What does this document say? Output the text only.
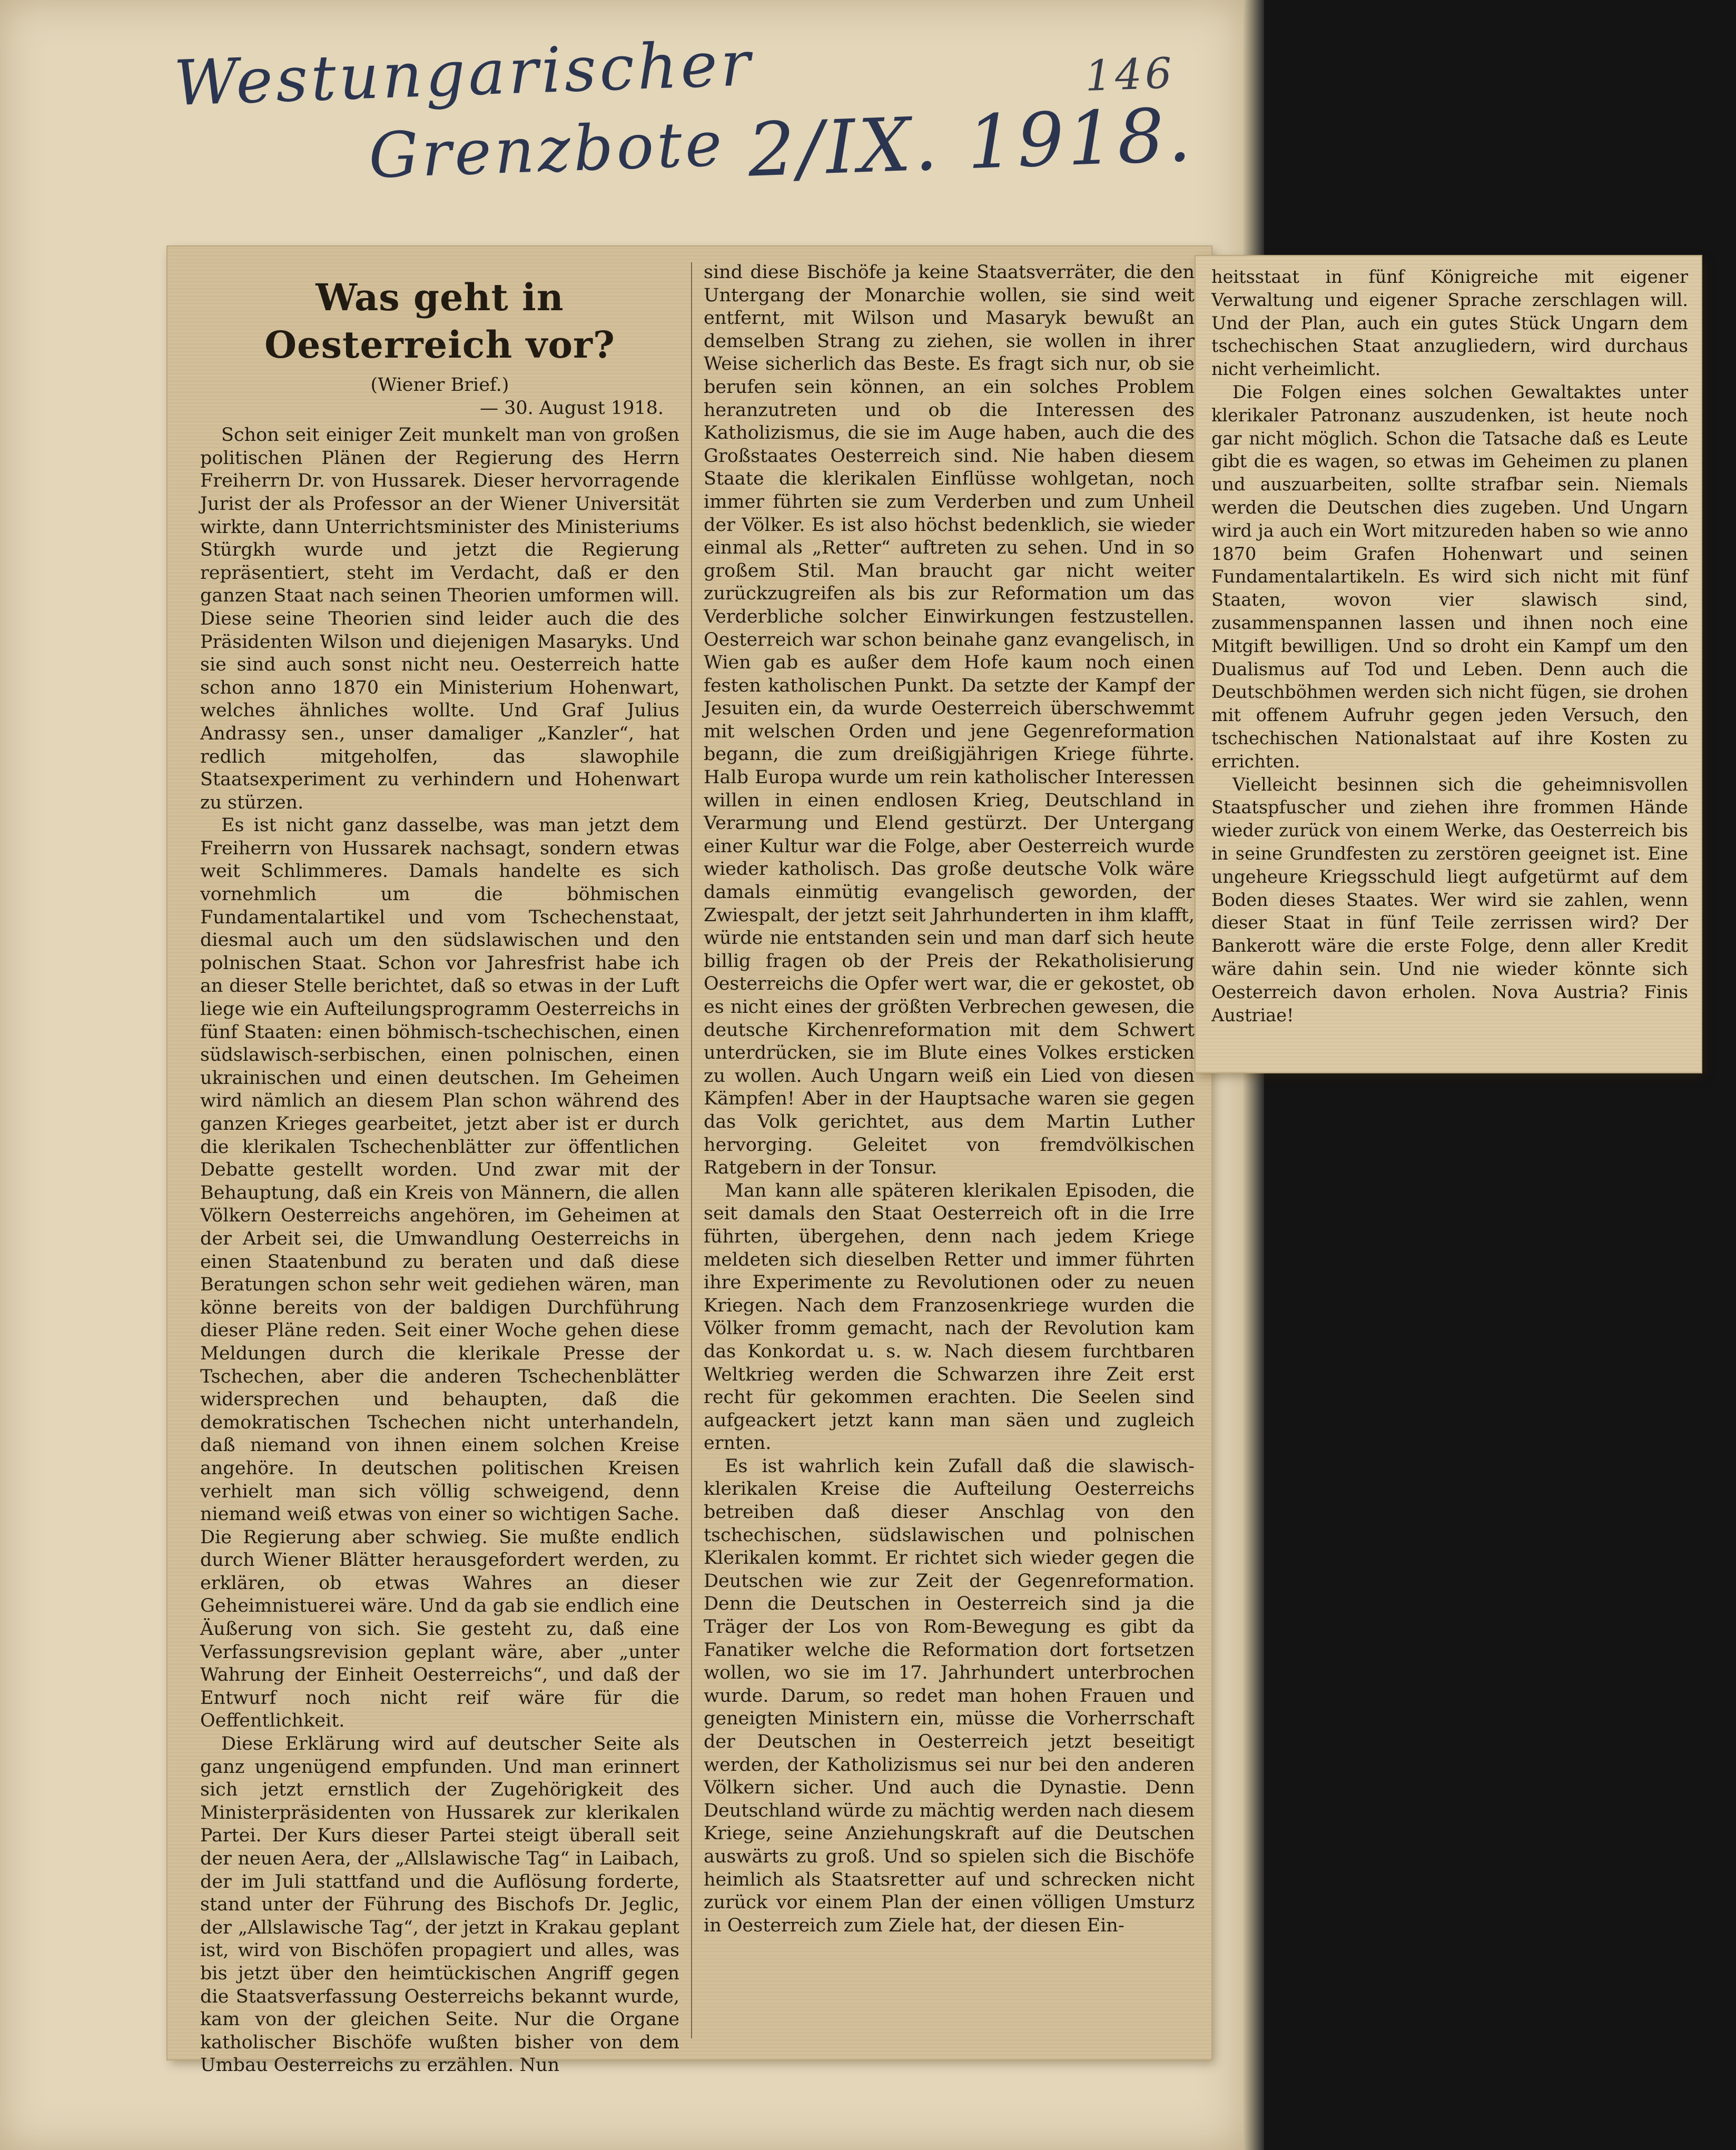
Westungarischer
Grenzbote 2/IX. 1918.
146
Was geht in Oesterreich vor?
(Wiener Brief.)
— 30. August 1918.

Schon seit einiger Zeit munkelt man von großen politischen Plänen der Regierung des Herrn Freiherrn Dr. von Hussarek. Dieser hervorragende Jurist der als Professor an der Wiener Universität wirkte, dann Unterrichtsminister des Ministeriums Stürgkh wurde und jetzt die Regierung repräsentiert, steht im Verdacht, daß er den ganzen Staat nach seinen Theorien umformen will. Diese seine Theorien sind leider auch die des Präsidenten Wilson und diejenigen Masaryks. Und sie sind auch sonst nicht neu. Oesterreich hatte schon anno 1870 ein Ministerium Hohenwart, welches ähnliches wollte. Und Graf Julius Andrassy sen., unser damaliger „Kanzler“, hat redlich mitgeholfen, das slawophile Staatsexperiment zu verhindern und Hohenwart zu stürzen.

Es ist nicht ganz dasselbe, was man jetzt dem Freiherrn von Hussarek nachsagt, sondern etwas weit Schlimmeres. Damals handelte es sich vornehmlich um die böhmischen Fundamentalartikel und vom Tschechenstaat, diesmal auch um den südslawischen und den polnischen Staat. Schon vor Jahresfrist habe ich an dieser Stelle berichtet, daß so etwas in der Luft liege wie ein Aufteilungsprogramm Oesterreichs in fünf Staaten: einen böhmisch-tschechischen, einen südslawisch-serbischen, einen polnischen, einen ukrainischen und einen deutschen. Im Geheimen wird nämlich an diesem Plan schon während des ganzen Krieges gearbeitet, jetzt aber ist er durch die klerikalen Tschechenblätter zur öffentlichen Debatte gestellt worden. Und zwar mit der Behauptung, daß ein Kreis von Männern, die allen Völkern Oesterreichs angehören, im Geheimen at der Arbeit sei, die Umwandlung Oesterreichs in einen Staatenbund zu beraten und daß diese Beratungen schon sehr weit gediehen wären, man könne bereits von der baldigen Durchführung dieser Pläne reden. Seit einer Woche gehen diese Meldungen durch die klerikale Presse der Tschechen, aber die anderen Tschechenblätter widersprechen und behaupten, daß die demokratischen Tschechen nicht unterhandeln, daß niemand von ihnen einem solchen Kreise angehöre. In deutschen politischen Kreisen verhielt man sich völlig schweigend, denn niemand weiß etwas von einer so wichtigen Sache. Die Regierung aber schwieg. Sie mußte endlich durch Wiener Blätter herausgefordert werden, zu erklären, ob etwas Wahres an dieser Geheimnistuerei wäre. Und da gab sie endlich eine Äußerung von sich. Sie gesteht zu, daß eine Verfassungsrevision geplant wäre, aber „unter Wahrung der Einheit Oesterreichs“, und daß der Entwurf noch nicht reif wäre für die Oeffentlichkeit.

Diese Erklärung wird auf deutscher Seite als ganz ungenügend empfunden. Und man erinnert sich jetzt ernstlich der Zugehörigkeit des Ministerpräsidenten von Hussarek zur klerikalen Partei. Der Kurs dieser Partei steigt überall seit der neuen Aera, der „Allslawische Tag“ in Laibach, der im Juli stattfand und die Auflösung forderte, stand unter der Führung des Bischofs Dr. Jeglic, der „Allslawische Tag“, der jetzt in Krakau geplant ist, wird von Bischöfen propagiert und alles, was bis jetzt über den heimtückischen Angriff gegen die Staatsverfassung Oesterreichs bekannt wurde, kam von der gleichen Seite. Nur die Organe katholischer Bischöfe wußten bisher von dem Umbau Oesterreichs zu erzählen. Nun

sind diese Bischöfe ja keine Staatsverräter, die den Untergang der Monarchie wollen, sie sind weit entfernt, mit Wilson und Masaryk bewußt an demselben Strang zu ziehen, sie wollen in ihrer Weise sicherlich das Beste. Es fragt sich nur, ob sie berufen sein können, an ein solches Problem heranzutreten und ob die Interessen des Katholizismus, die sie im Auge haben, auch die des Großstaates Oesterreich sind. Nie haben diesem Staate die klerikalen Einflüsse wohlgetan, noch immer führten sie zum Verderben und zum Unheil der Völker. Es ist also höchst bedenklich, sie wieder einmal als „Retter“ auftreten zu sehen. Und in so großem Stil. Man braucht gar nicht weiter zurückzugreifen als bis zur Reformation um das Verderbliche solcher Einwirkungen festzustellen. Oesterreich war schon beinahe ganz evangelisch, in Wien gab es außer dem Hofe kaum noch einen festen katholischen Punkt. Da setzte der Kampf der Jesuiten ein, da wurde Oesterreich überschwemmt mit welschen Orden und jene Gegenreformation begann, die zum dreißigjährigen Kriege führte. Halb Europa wurde um rein katholischer Interessen willen in einen endlosen Krieg, Deutschland in Verarmung und Elend gestürzt. Der Untergang einer Kultur war die Folge, aber Oesterreich wurde wieder katholisch. Das große deutsche Volk wäre damals einmütig evangelisch geworden, der Zwiespalt, der jetzt seit Jahrhunderten in ihm klafft, würde nie entstanden sein und man darf sich heute billig fragen ob der Preis der Rekatholisierung Oesterreichs die Opfer wert war, die er gekostet, ob es nicht eines der größten Verbrechen gewesen, die deutsche Kirchenreformation mit dem Schwert unterdrücken, sie im Blute eines Volkes ersticken zu wollen. Auch Ungarn weiß ein Lied von diesen Kämpfen! Aber in der Hauptsache waren sie gegen das Volk gerichtet, aus dem Martin Luther hervorging. Geleitet von fremdvölkischen Ratgebern in der Tonsur.

Man kann alle späteren klerikalen Episoden, die seit damals den Staat Oesterreich oft in die Irre führten, übergehen, denn nach jedem Kriege meldeten sich dieselben Retter und immer führten ihre Experimente zu Revolutionen oder zu neuen Kriegen. Nach dem Franzosenkriege wurden die Völker fromm gemacht, nach der Revolution kam das Konkordat u. s. w. Nach diesem furchtbaren Weltkrieg werden die Schwarzen ihre Zeit erst recht für gekommen erachten. Die Seelen sind aufgeackert jetzt kann man säen und zugleich ernten.

Es ist wahrlich kein Zufall daß die slawisch-klerikalen Kreise die Aufteilung Oesterreichs betreiben daß dieser Anschlag von den tschechischen, südslawischen und polnischen Klerikalen kommt. Er richtet sich wieder gegen die Deutschen wie zur Zeit der Gegenreformation. Denn die Deutschen in Oesterreich sind ja die Träger der Los von Rom-Bewegung es gibt da Fanatiker welche die Reformation dort fortsetzen wollen, wo sie im 17. Jahrhundert unterbrochen wurde. Darum, so redet man hohen Frauen und geneigten Ministern ein, müsse die Vorherrschaft der Deutschen in Oesterreich jetzt beseitigt werden, der Katholizismus sei nur bei den anderen Völkern sicher. Und auch die Dynastie. Denn Deutschland würde zu mächtig werden nach diesem Kriege, seine Anziehungskraft auf die Deutschen auswärts zu groß. Und so spielen sich die Bischöfe heimlich als Staatsretter auf und schrecken nicht zurück vor einem Plan der einen völligen Umsturz in Oesterreich zum Ziele hat, der diesen Ein-

heitsstaat in fünf Königreiche mit eigener Verwaltung und eigener Sprache zerschlagen will. Und der Plan, auch ein gutes Stück Ungarn dem tschechischen Staat anzugliedern, wird durchaus nicht verheimlicht.

Die Folgen eines solchen Gewaltaktes unter klerikaler Patronanz auszudenken, ist heute noch gar nicht möglich. Schon die Tatsache daß es Leute gibt die es wagen, so etwas im Geheimen zu planen und auszuarbeiten, sollte strafbar sein. Niemals werden die Deutschen dies zugeben. Und Ungarn wird ja auch ein Wort mitzureden haben so wie anno 1870 beim Grafen Hohenwart und seinen Fundamentalartikeln. Es wird sich nicht mit fünf Staaten, wovon vier slawisch sind, zusammenspannen lassen und ihnen noch eine Mitgift bewilligen. Und so droht ein Kampf um den Dualismus auf Tod und Leben. Denn auch die Deutschböhmen werden sich nicht fügen, sie drohen mit offenem Aufruhr gegen jeden Versuch, den tschechischen Nationalstaat auf ihre Kosten zu errichten.

Vielleicht besinnen sich die geheimnisvollen Staatspfuscher und ziehen ihre frommen Hände wieder zurück von einem Werke, das Oesterreich bis in seine Grundfesten zu zerstören geeignet ist. Eine ungeheure Kriegsschuld liegt aufgetürmt auf dem Boden dieses Staates. Wer wird sie zahlen, wenn dieser Staat in fünf Teile zerrissen wird? Der Bankerott wäre die erste Folge, denn aller Kredit wäre dahin sein. Und nie wieder könnte sich Oesterreich davon erholen. Nova Austria? Finis Austriae!
